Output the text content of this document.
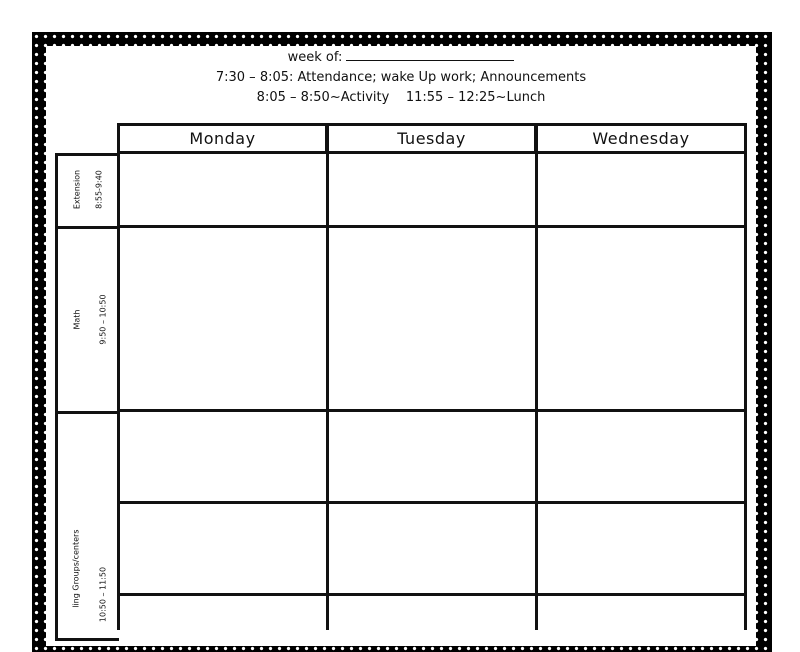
week of:
7:30 – 8:05: Attendance; wake Up work; Announcements
8:05 – 8:50~Activity    11:55 – 12:25~Lunch
Monday	Tuesday	Wednesday
Extension 8:55-9:40
Math 9:50 – 10:50
ling Groups/centers 10:50 – 11:50
